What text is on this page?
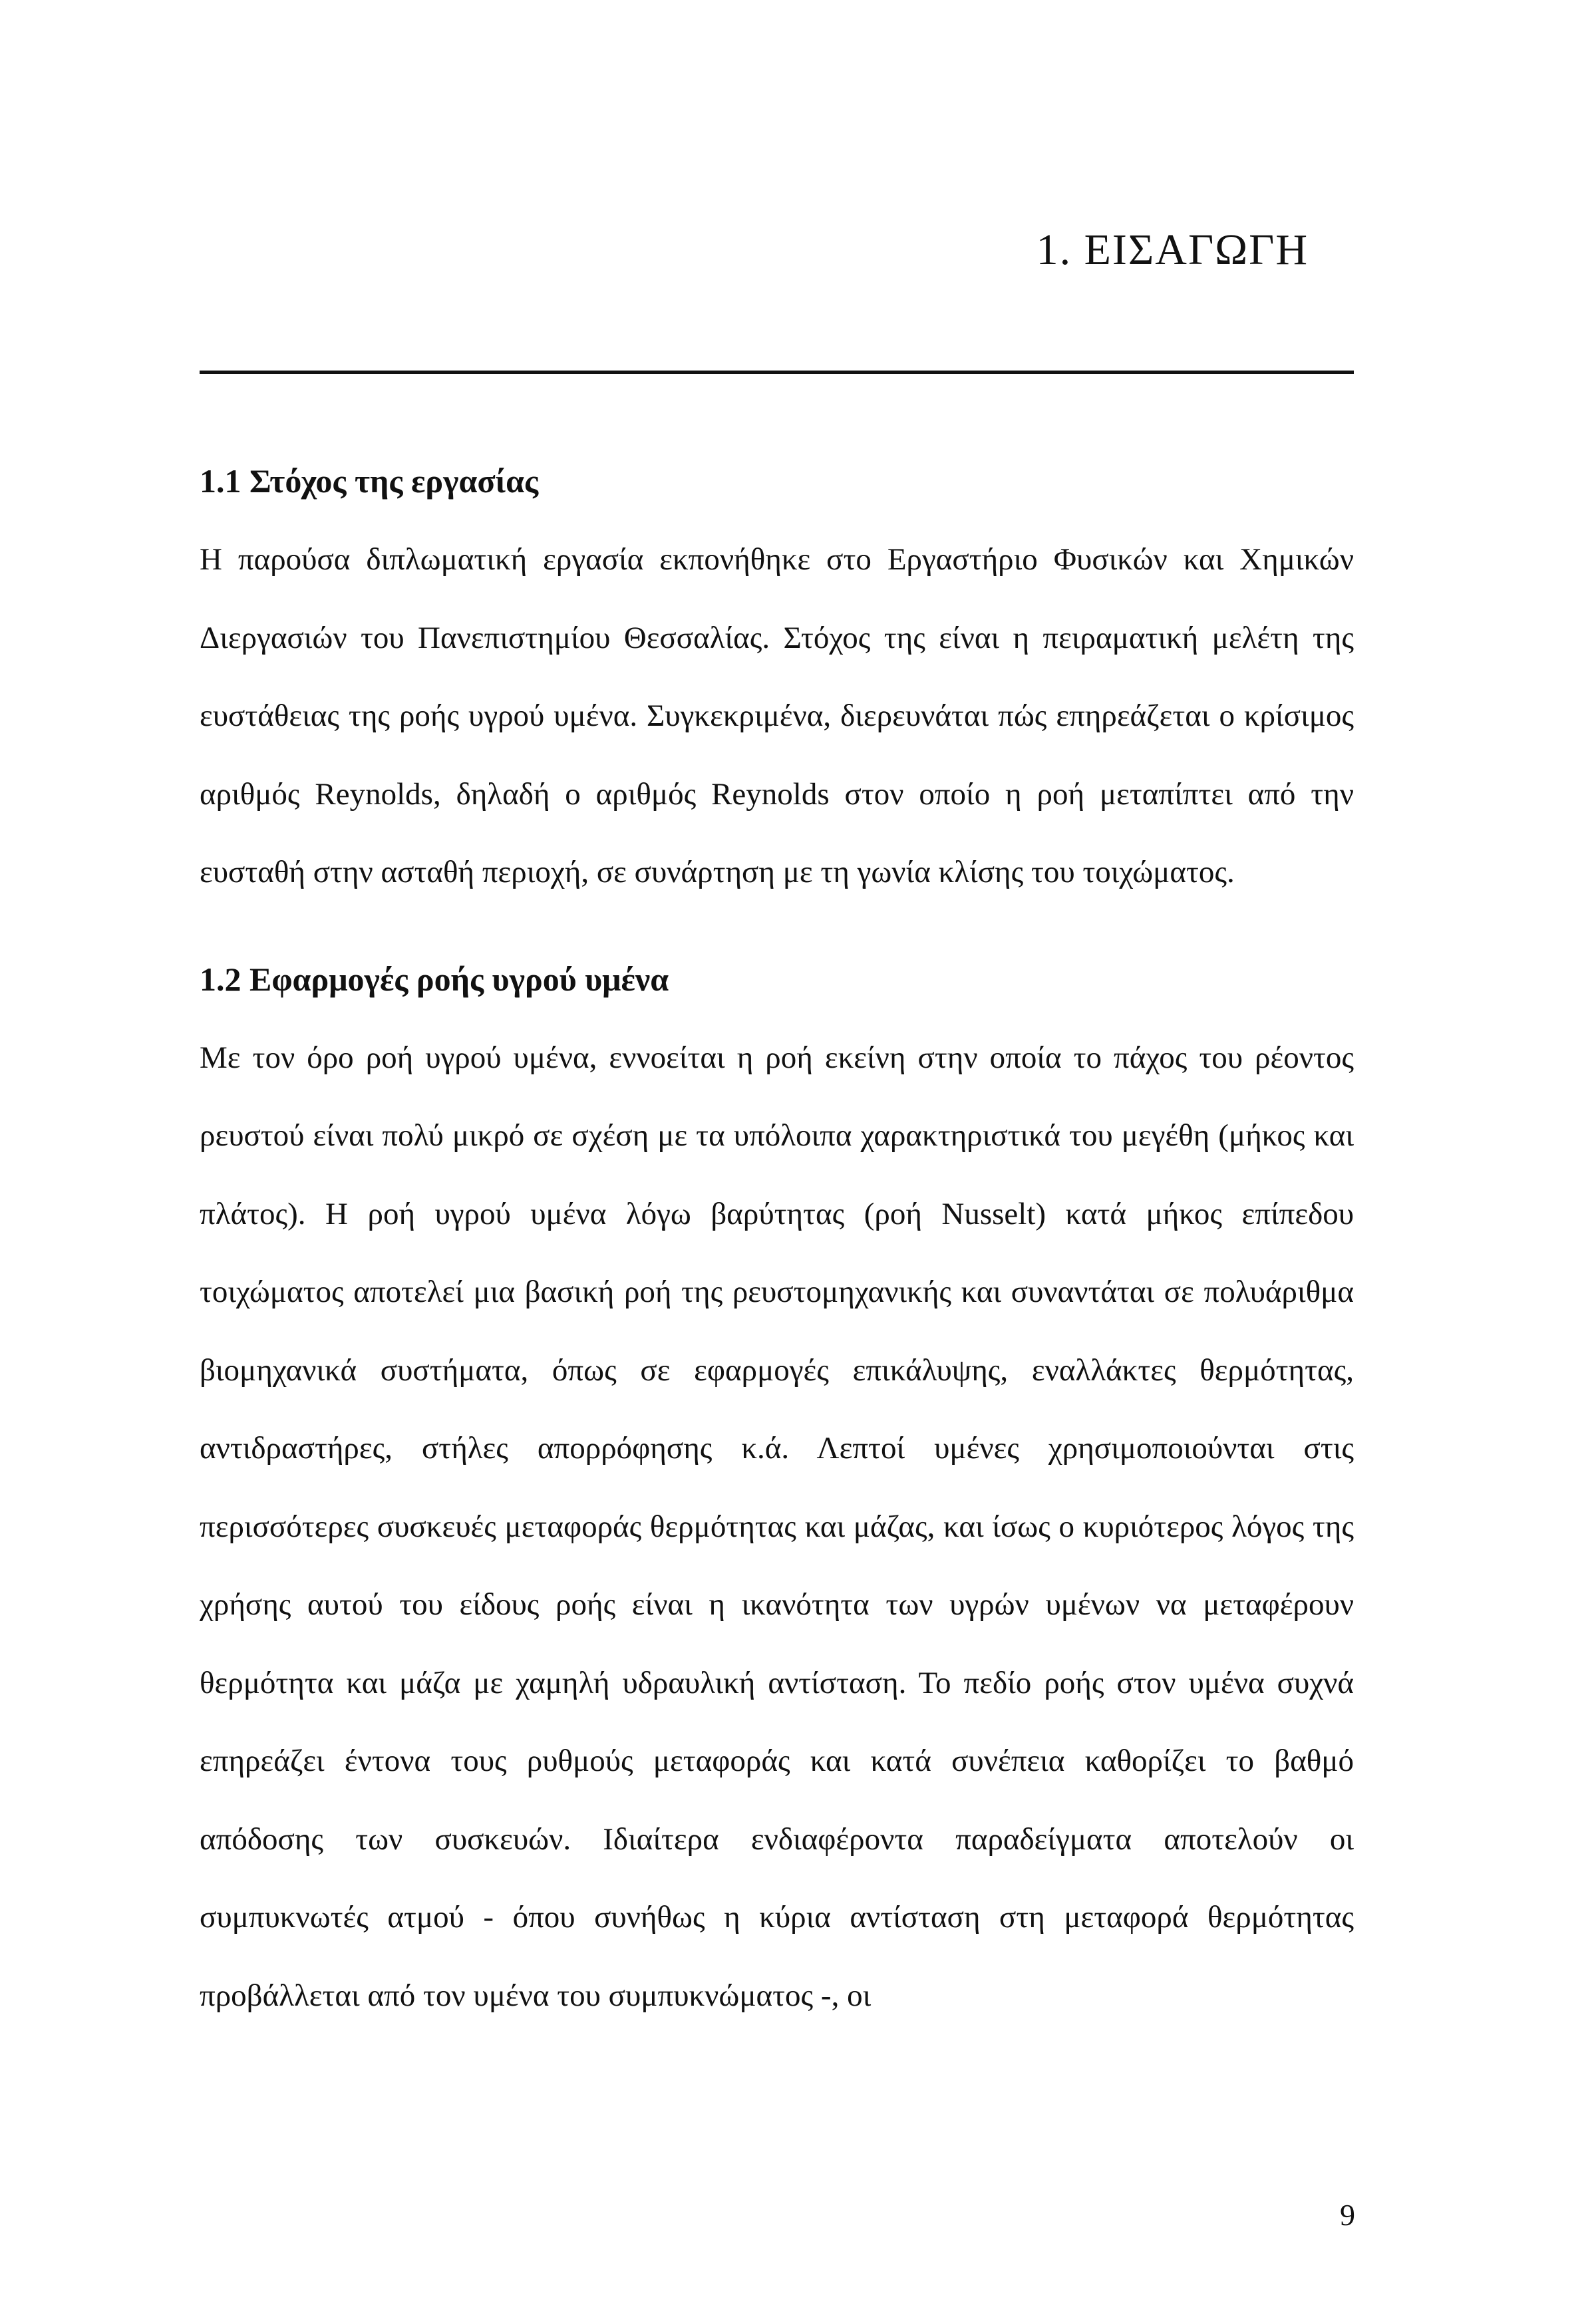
1. ΕΙΣΑΓΩΓΗ
1.1 Στόχος της εργασίας

Η παρούσα διπλωματική εργασία εκπονήθηκε στο Εργαστήριο Φυσικών και Χημικών Διεργασιών του Πανεπιστημίου Θεσσαλίας. Στόχος της είναι η πειραματική μελέτη της ευστάθειας της ροής υγρού υμένα. Συγκεκριμένα, διερευνάται πώς επηρεάζεται ο κρίσιμος αριθμός Reynolds, δηλαδή ο αριθμός Reynolds στον οποίο η ροή μεταπίπτει από την ευσταθή στην ασταθή περιοχή, σε συνάρτηση με τη γωνία κλίσης του τοιχώματος.

1.2 Εφαρμογές ροής υγρού υμένα

Με τον όρο ροή υγρού υμένα, εννοείται η ροή εκείνη στην οποία το πάχος του ρέοντος ρευστού είναι πολύ μικρό σε σχέση με τα υπόλοιπα χαρακτηριστικά του μεγέθη (μήκος και πλάτος). Η ροή υγρού υμένα λόγω βαρύτητας (ροή Nusselt) κατά μήκος επίπεδου τοιχώματος αποτελεί μια βασική ροή της ρευστομηχανικής και συναντάται σε πολυάριθμα βιομηχανικά συστήματα, όπως σε εφαρμογές επικάλυψης, εναλλάκτες θερμότητας, αντιδραστήρες, στήλες απορρόφησης κ.ά. Λεπτοί υμένες χρησιμοποιούνται στις περισσότερες συσκευές μεταφοράς θερμότητας και μάζας, και ίσως ο κυριότερος λόγος της χρήσης αυτού του είδους ροής είναι η ικανότητα των υγρών υμένων να μεταφέρουν θερμότητα και μάζα με χαμηλή υδραυλική αντίσταση. Το πεδίο ροής στον υμένα συχνά επηρεάζει έντονα τους ρυθμούς μεταφοράς και κατά συνέπεια καθορίζει το βαθμό απόδοσης των συσκευών. Ιδιαίτερα ενδιαφέροντα παραδείγματα αποτελούν οι συμπυκνωτές ατμού - όπου συνήθως η κύρια αντίσταση στη μεταφορά θερμότητας προβάλλεται από τον υμένα του συμπυκνώματος -, οι

9
